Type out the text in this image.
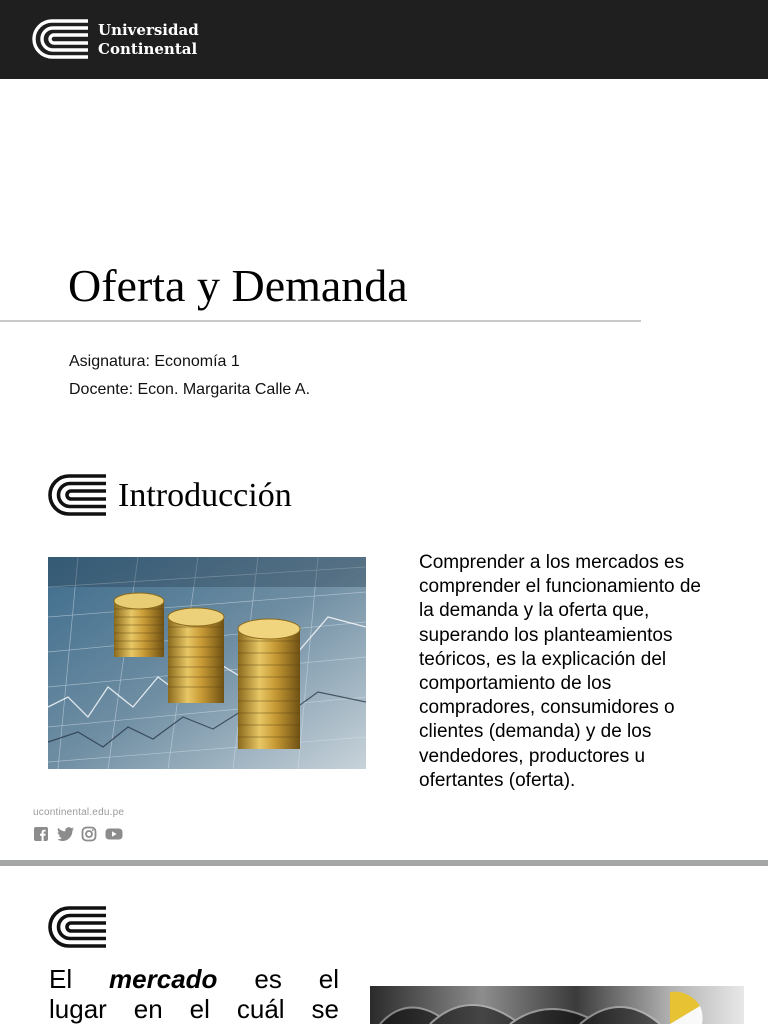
Universidad
Continental
Oferta y Demanda
Asignatura: Economía 1
Docente: Econ. Margarita Calle A.
Introducción

Comprender a los mercados es comprender el funcionamiento de la demanda y la oferta que, superando los planteamientos teóricos, es la explicación del comportamiento de los compradores, consumidores o clientes (demanda) y de los vendedores, productores u ofertantes (oferta).

ucontinental.edu.pe
El mercado es el
lugar en el cuál se
